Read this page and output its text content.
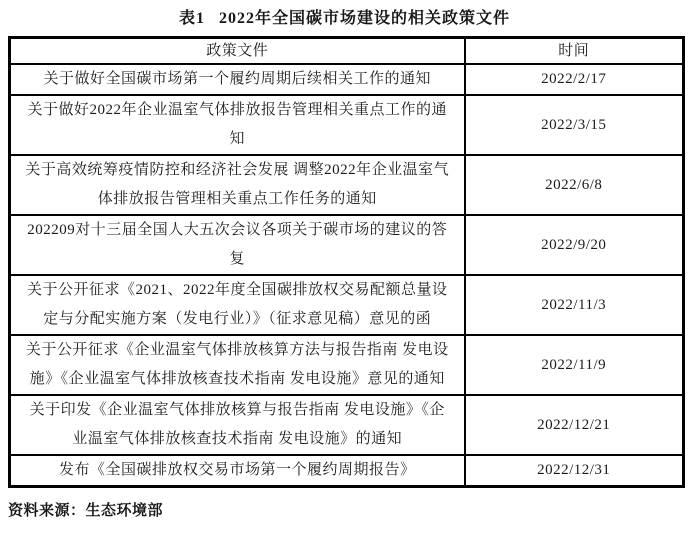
表1 2022年全国碳市场建设的相关政策文件
政策文件	时间
关于做好全国碳市场第一个履约周期后续相关工作的通知	2022/2/17
关于做好2022年企业温室气体排放报告管理相关重点工作的通知	2022/3/15
关于高效统筹疫情防控和经济社会发展 调整2022年企业温室气体排放报告管理相关重点工作任务的通知	2022/6/8
202209对十三届全国人大五次会议各项关于碳市场的建议的答复	2022/9/20
关于公开征求《2021、2022年度全国碳排放权交易配额总量设定与分配实施方案（发电行业）》（征求意见稿）意见的函	2022/11/3
关于公开征求《企业温室气体排放核算方法与报告指南 发电设施》《企业温室气体排放核查技术指南 发电设施》意见的通知	2022/11/9
关于印发《企业温室气体排放核算与报告指南 发电设施》《企业温室气体排放核查技术指南 发电设施》的通知	2022/12/21
发布《全国碳排放权交易市场第一个履约周期报告》	2022/12/31
资料来源：生态环境部
